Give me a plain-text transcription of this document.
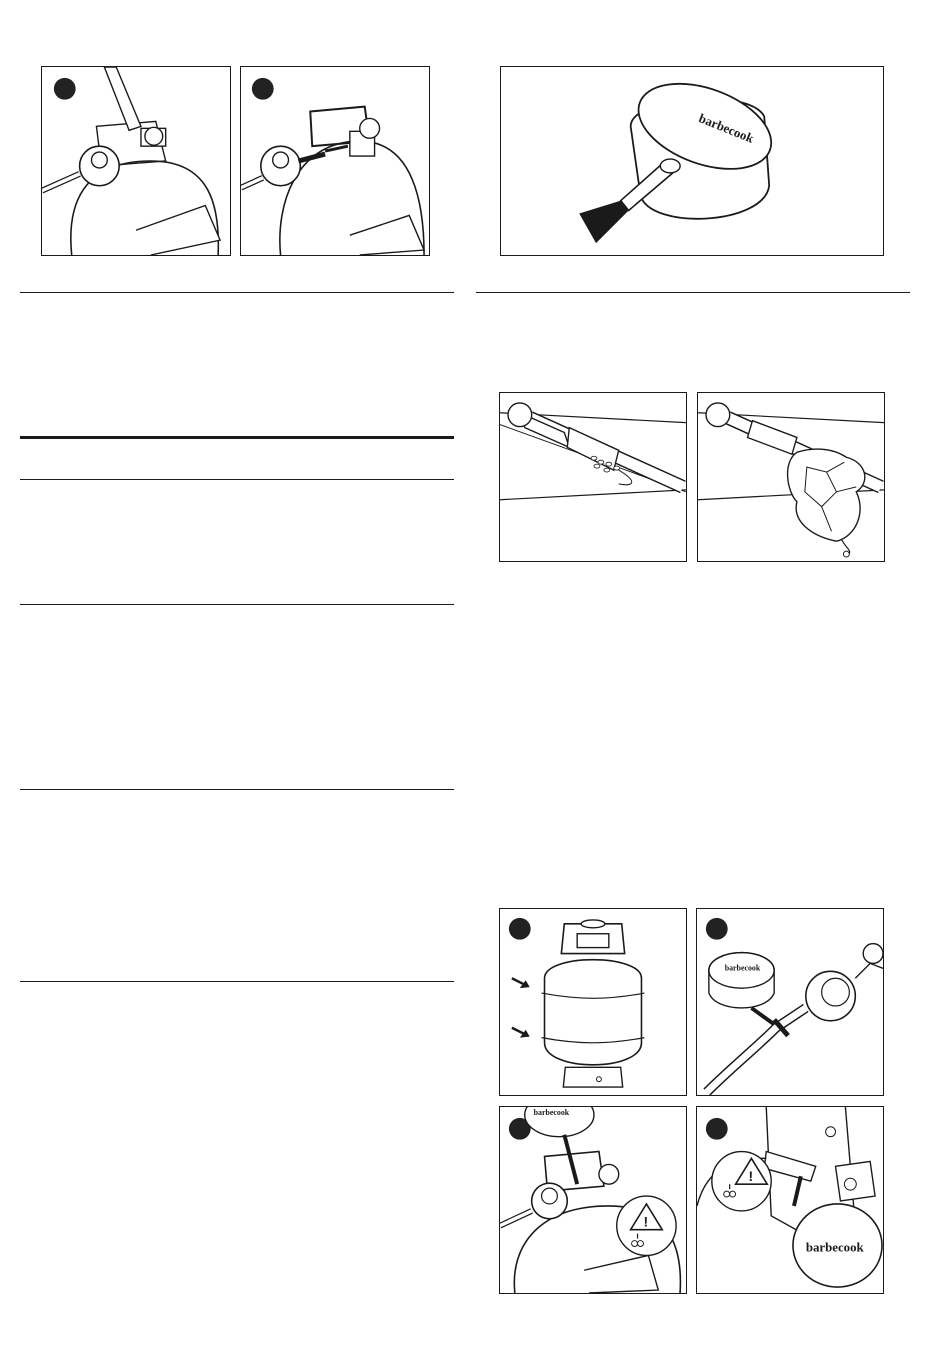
barbecook
barbecook
barbecook
!
!
barbecook
